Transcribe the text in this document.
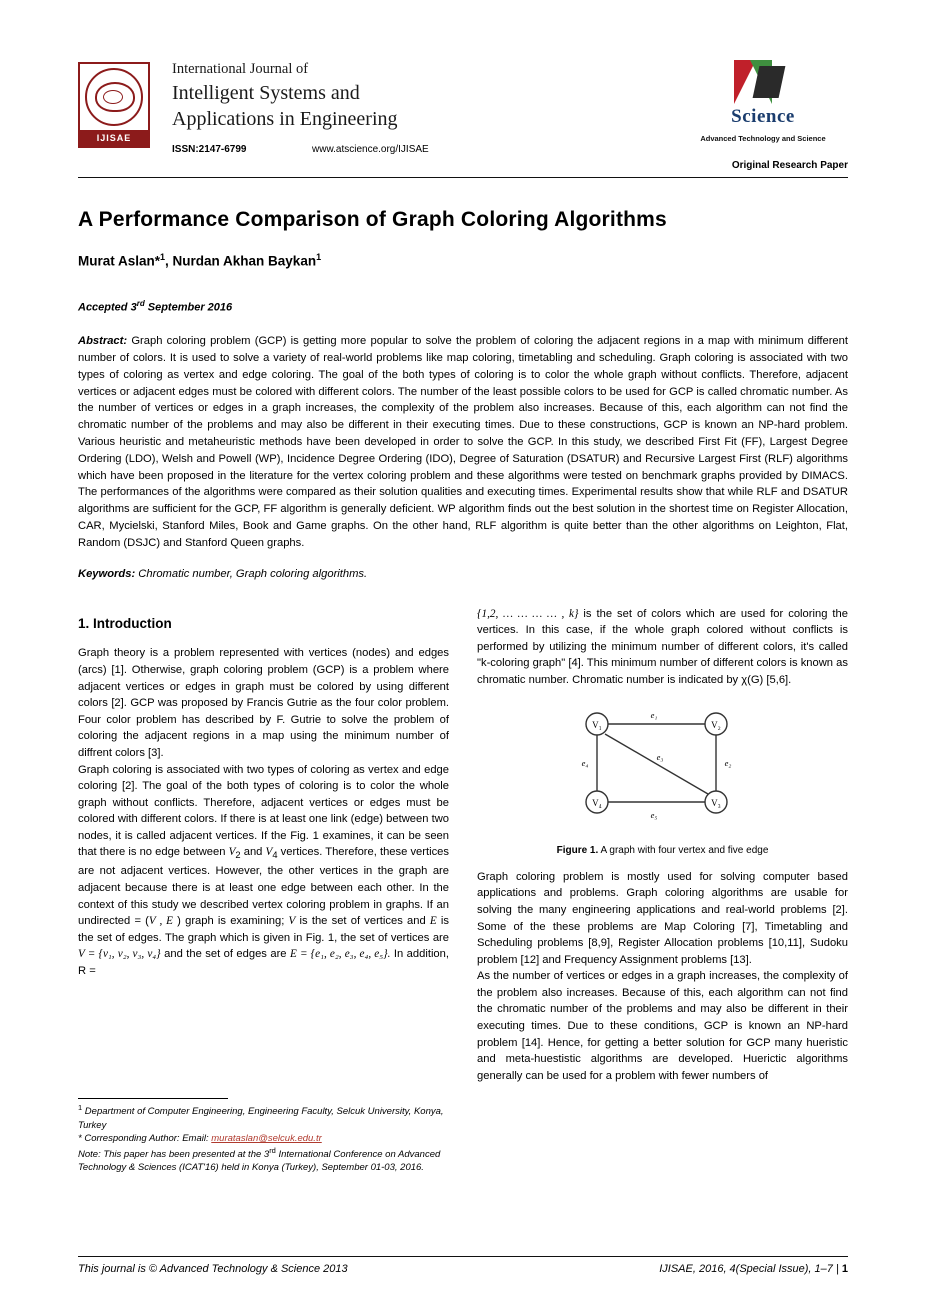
IJISAE
International Journal of
Intelligent Systems and
Applications in Engineering
ISSN:2147-6799	www.atscience.org/IJISAE
Science
Advanced Technology and Science
Original Research Paper
A Performance Comparison of Graph Coloring Algorithms
Murat Aslan*$^1$, Nurdan Akhan Baykan$^1$
Accepted 3rd September 2016
Abstract: Graph coloring problem (GCP) is getting more popular to solve the problem of coloring the adjacent regions in a map with minimum different number of colors. It is used to solve a variety of real-world problems like map coloring, timetabling and scheduling. Graph coloring is associated with two types of coloring as vertex and edge coloring. The goal of the both types of coloring is to color the whole graph without conflicts. Therefore, adjacent vertices or adjacent edges must be colored with different colors. The number of the least possible colors to be used for GCP is called chromatic number. As the number of vertices or edges in a graph increases, the complexity of the problem also increases. Because of this, each algorithm can not find the chromatic number of the problems and may also be different in their executing times. Due to these constructions, GCP is known an NP-hard problem. Various heuristic and metaheuristic methods have been developed in order to solve the GCP. In this study, we described First Fit (FF), Largest Degree Ordering (LDO), Welsh and Powell (WP), Incidence Degree Ordering (IDO), Degree of Saturation (DSATUR) and Recursive Largest First (RLF) algorithms which have been proposed in the literature for the vertex coloring problem and these algorithms were tested on benchmark graphs provided by DIMACS. The performances of the algorithms were compared as their solution qualities and executing times. Experimental results show that while RLF and DSATUR algorithms are sufficient for the GCP, FF algorithm is generally deficient. WP algorithm finds out the best solution in the shortest time on Register Allocation, CAR, Mycielski, Stanford Miles, Book and Game graphs. On the other hand, RLF algorithm is quite better than the other algorithms on Leighton, Flat, Random (DSJC) and Stanford Queen graphs.
Keywords: Chromatic number, Graph coloring algorithms.
1. Introduction

Graph theory is a problem represented with vertices (nodes) and edges (arcs) [1]. Otherwise, graph coloring problem (GCP) is a problem where adjacent vertices or edges in graph must be colored by using different colors [2]. GCP was proposed by Francis Gutrie as the four color problem. Four color problem has described by F. Gutrie to solve the problem of coloring the adjacent regions in a map using the minimum number of diffrent colors [3].

Graph coloring is associated with two types of coloring as vertex and edge coloring [2]. The goal of the both types of coloring is to color the whole graph without conflicts. Therefore, adjacent vertices or edges must be colored with different colors. If there is at least one link (edge) between two nodes, it is called adjacent vertices. If the Fig. 1 examines, it can be seen that there is no edge between $V_2$ and $V_4$ vertices. Therefore, these vertices are not adjacent vertices. However, the other vertices in the graph are adjacent because there is at least one edge between each other. In the context of this study we described vertex coloring problem in graphs. If an undirected = (V , E ) graph is examining; V is the set of vertices and E is the set of edges. The graph which is given in Fig. 1, the set of vertices are V = {v₁, v₂, v₃, v₄} and the set of edges are E = {e₁, e₂, e₃, e₄, e₅}. In addition, R =

{1,2, … … … … , k} is the set of colors which are used for coloring the vertices. In this case, if the whole graph colored without conflicts is performed by utilizing the minimum number of different colors, it's called "k-coloring graph" [4]. This minimum number of different colors is known as chromatic number. Chromatic number is indicated by χ(G) [5,6].

V₁	V₂
V₄	V₃
e₁
e₂
e₃
e₄
e₅
Figure 1. A graph with four vertex and five edge

Graph coloring problem is mostly used for solving computer based applications and problems. Graph coloring algorithms are usable for solving the many engineering applications and real-world problems [2]. Some of the these problems are Map Coloring [7], Timetabling and Scheduling problems [8,9], Register Allocation problems [10,11], Sudoku problem [12] and Frequency Assignment problems [13].

As the number of vertices or edges in a graph increases, the complexity of the problem also increases. Because of this, each algorithm can not find the chromatic number of the problems and may also be different in their executing times. Due to these conditions, GCP is known an NP-hard problem [14]. Hence, for getting a better solution for GCP many hueristic and meta-huestistic algorithms are developed. Huerictic algorithms generally can be used for a problem with fewer numbers of

$^1$ Department of Computer Engineering, Engineering Faculty, Selcuk University, Konya, Turkey
* Corresponding Author: Email: murataslan@selcuk.edu.tr
Note: This paper has been presented at the 3rd International Conference on Advanced Technology & Sciences (ICAT'16) held in Konya (Turkey), September 01-03, 2016.
This journal is © Advanced Technology & Science 2013	IJISAE, 2016, 4(Special Issue), 1–7 | 1
